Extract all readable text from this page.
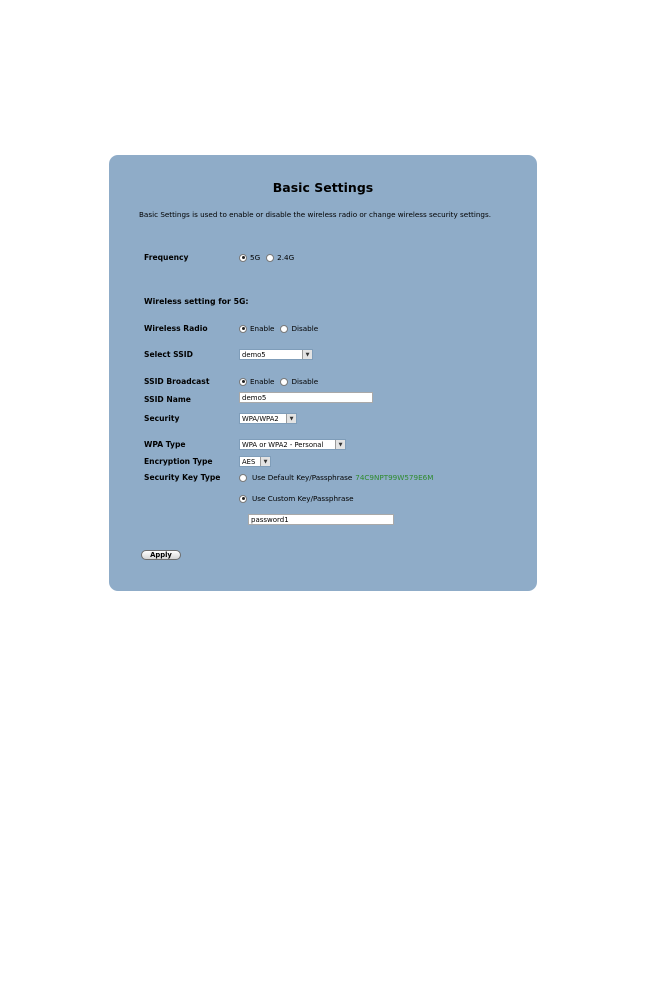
Basic Settings
Basic Settings is used to enable or disable the wireless radio or change wireless security settings.
Frequency	5G 2.4G
Wireless setting for 5G:
Wireless Radio	Enable Disable
Select SSID	demo5	▼
SSID Broadcast	Enable Disable
SSID Name	demo5
Security	WPA/WPA2	▼
WPA Type	WPA or WPA2 - Personal	▼
Encryption Type	AES	▼
Security Key Type	Use Default Key/Passphrase 74C9NPT99W579E6M
Use Custom Key/Passphrase
password1
Apply
